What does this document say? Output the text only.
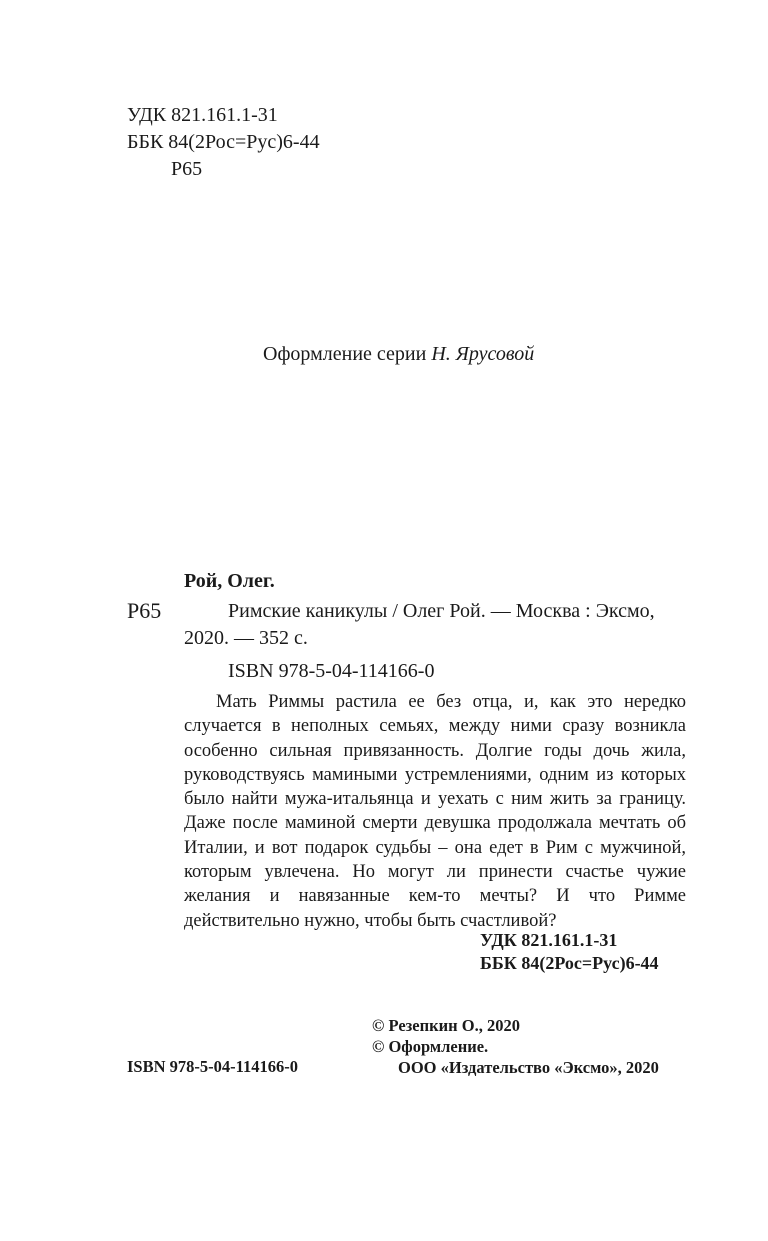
УДК 821.161.1-31
ББК 84(2Рос=Рус)6-44
Р65
Оформление серии Н. Ярусовой
Рой, Олег.
Р65	Римские каникулы / Олег Рой. — Москва : Эксмо,
2020. — 352 с.
ISBN 978-5-04-114166-0
Мать Риммы растила ее без отца, и, как это нередко случается в неполных семьях, между ними сразу возникла особенно сильная привязанность. Долгие годы дочь жила, руководствуясь мамиными устремлениями, одним из которых было найти мужа-итальянца и уехать с ним жить за границу. Даже после маминой смерти девушка продолжала мечтать об Италии, и вот подарок судьбы – она едет в Рим с мужчиной, которым увлечена. Но могут ли принести счастье чужие желания и навязанные кем-то мечты? И что Римме действительно нужно, чтобы быть счастливой?
УДК 821.161.1-31
ББК 84(2Рос=Рус)6-44
© Резепкин О., 2020
© Оформление.
ООО «Издательство «Эксмо», 2020
ISBN 978-5-04-114166-0
